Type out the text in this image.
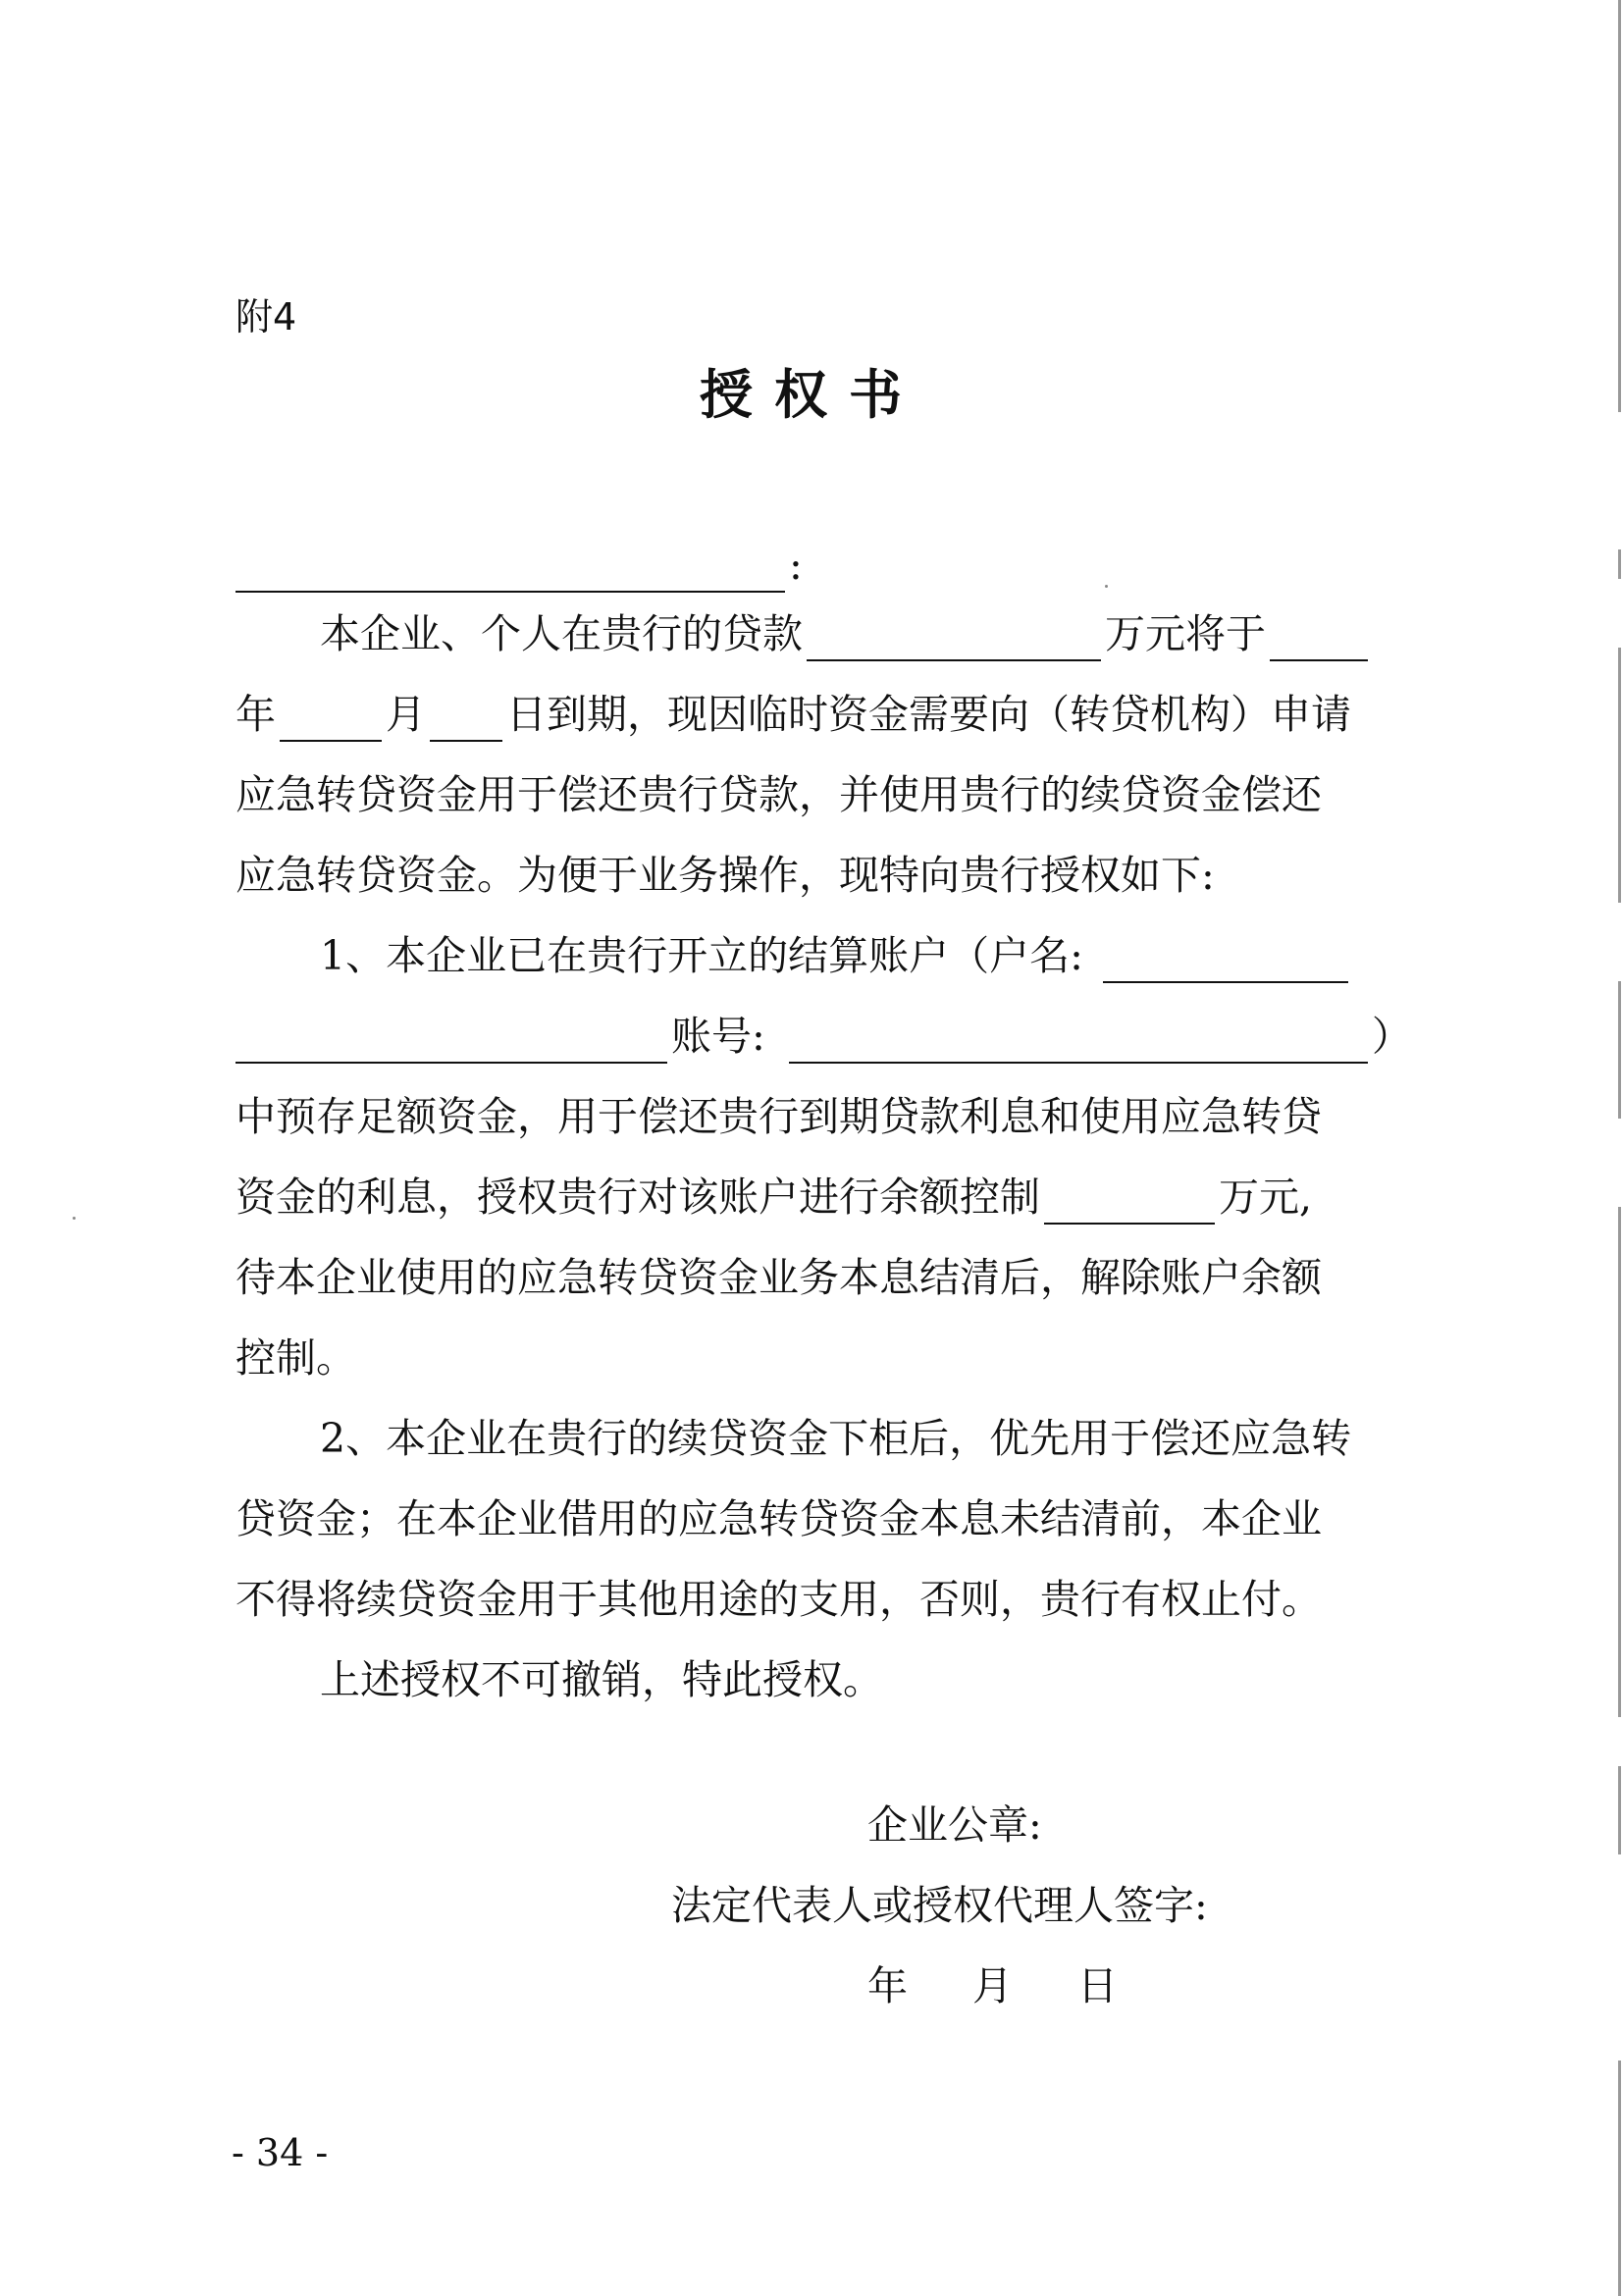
附4
授权书
:
本企业、个人在贵行的贷款	万元将于
年	月 日到期，现因临时资金需要向（转贷机构）申请
应急转贷资金用于偿还贵行贷款，并使用贵行的续贷资金偿还
应急转贷资金。为便于业务操作，现特向贵行授权如下:
1、本企业已在贵行开立的结算账户（户名:
账号:	）
中预存足额资金，用于偿还贵行到期贷款利息和使用应急转贷
资金的利息，授权贵行对该账户进行余额控制	万元,
待本企业使用的应急转贷资金业务本息结清后，解除账户余额
控制。
2、本企业在贵行的续贷资金下柜后，优先用于偿还应急转
贷资金；在本企业借用的应急转贷资金本息未结清前，本企业
不得将续贷资金用于其他用途的支用，否则，贵行有权止付。
上述授权不可撤销，特此授权。
企业公章:
法定代表人或授权代理人签字:
年 月 日
- 34 -
